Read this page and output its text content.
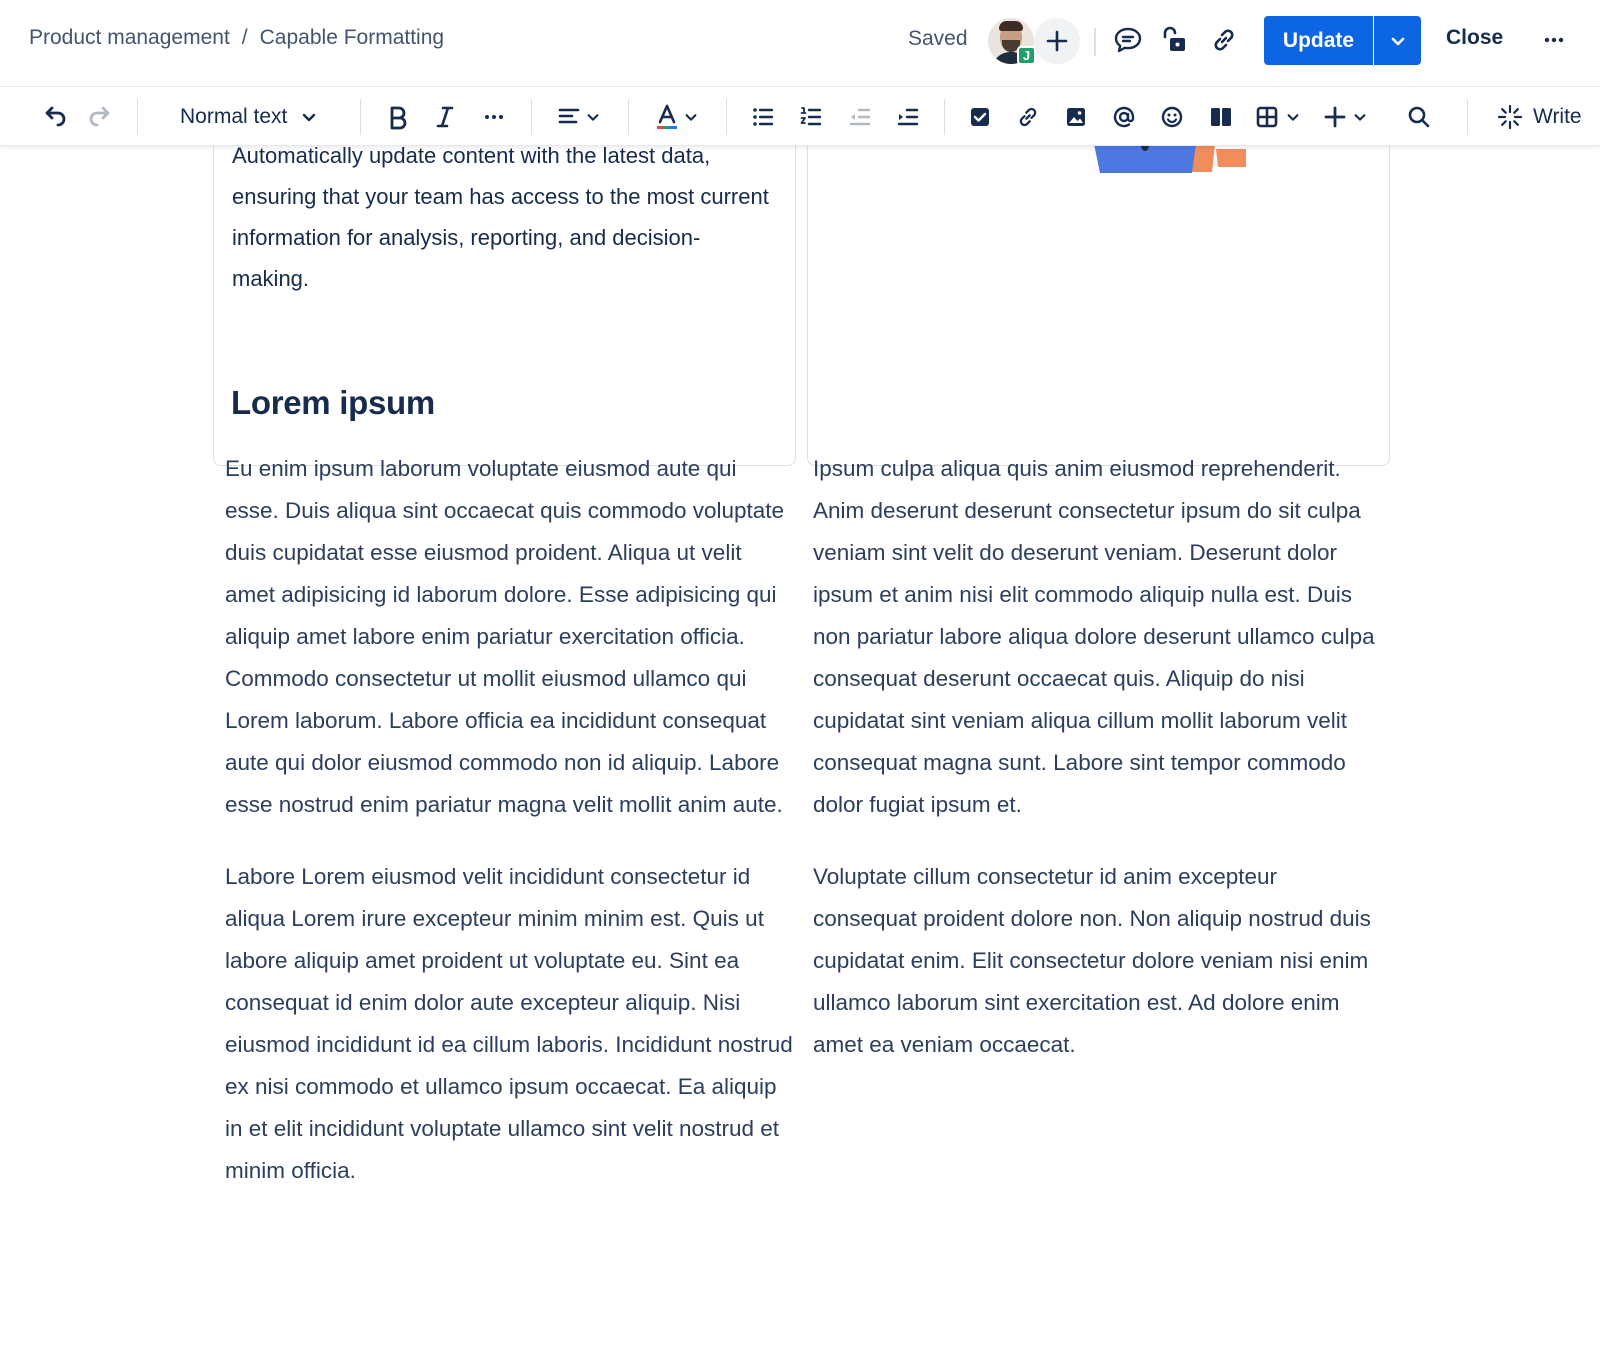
Product management / Capable Formatting	Saved
J
Update	Close
Normal text	Write

Automatically update content with the latest data, ensuring that your team has access to the most current information for analysis, reporting, and decision-making.

Lorem ipsum

Eu enim ipsum laborum voluptate eiusmod aute qui esse. Duis aliqua sint occaecat quis commodo voluptate duis cupidatat esse eiusmod proident. Aliqua ut velit amet adipisicing id laborum dolore. Esse adipisicing qui aliquip amet labore enim pariatur exercitation officia. Commodo consectetur ut mollit eiusmod ullamco qui Lorem laborum. Labore officia ea incididunt consequat aute qui dolor eiusmod commodo non id aliquip. Labore esse nostrud enim pariatur magna velit mollit anim aute.

Labore Lorem eiusmod velit incididunt consectetur id aliqua Lorem irure excepteur minim minim est. Quis ut labore aliquip amet proident ut voluptate eu. Sint ea consequat id enim dolor aute excepteur aliquip. Nisi eiusmod incididunt id ea cillum laboris. Incididunt nostrud ex nisi commodo et ullamco ipsum occaecat. Ea aliquip in et elit incididunt voluptate ullamco sint velit nostrud et minim officia.

Ipsum culpa aliqua quis anim eiusmod reprehenderit. Anim deserunt deserunt consectetur ipsum do sit culpa veniam sint velit do deserunt veniam. Deserunt dolor ipsum et anim nisi elit commodo aliquip nulla est. Duis non pariatur labore aliqua dolore deserunt ullamco culpa consequat deserunt occaecat quis. Aliquip do nisi cupidatat sint veniam aliqua cillum mollit laborum velit consequat magna sunt. Labore sint tempor commodo dolor fugiat ipsum et.

Voluptate cillum consectetur id anim excepteur consequat proident dolore non. Non aliquip nostrud duis cupidatat enim. Elit consectetur dolore veniam nisi enim ullamco laborum sint exercitation est. Ad dolore enim amet ea veniam occaecat.
